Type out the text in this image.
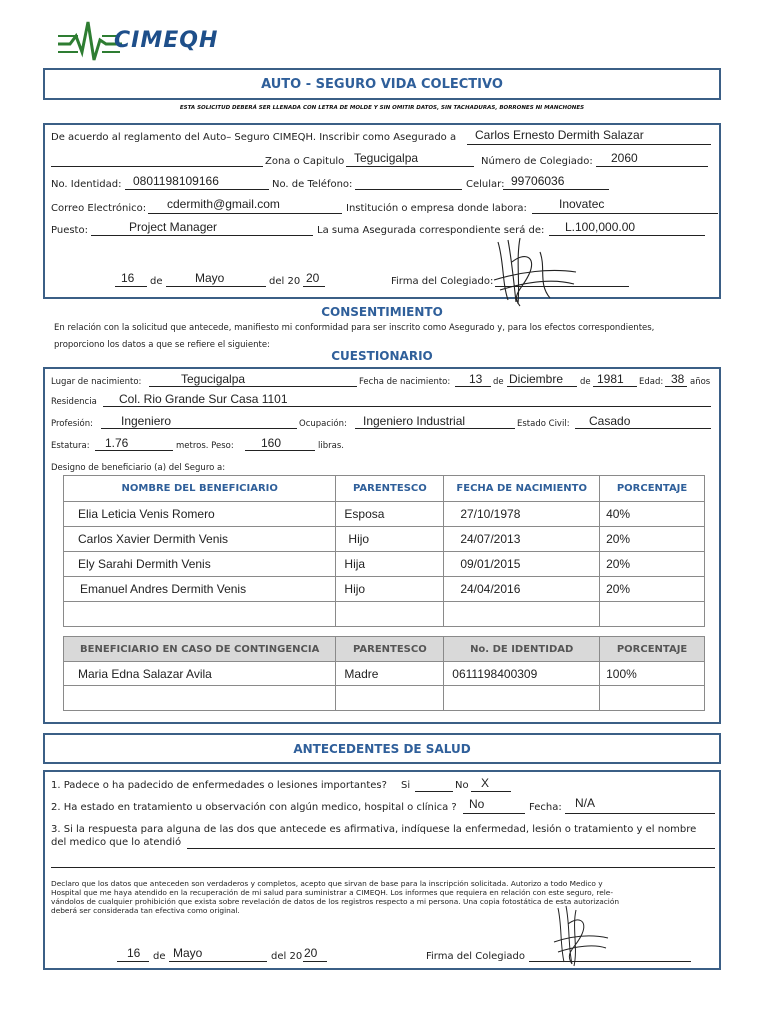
CIMEQH
AUTO - SEGURO VIDA COLECTIVO
ESTA SOLICITUD DEBERÁ SER LLENADA CON LETRA DE MOLDE Y SIN OMITIR DATOS, SIN TACHADURAS, BORRONES NI MANCHONES
De acuerdo al reglamento del Auto– Seguro CIMEQH. Inscribir como Asegurado a Carlos Ernesto Dermith Salazar
Zona o Capitulo Tegucigalpa	Número de Colegiado: 2060
No. Identidad: 0801198109166	No. de Teléfono:	Celular: 99706036
Correo Electrónico: cdermith@gmail.com	Institución o empresa donde labora:	Inovatec
Puesto:	Project Manager	La suma Asegurada correspondiente será de: L.100,000.00
16 de	Mayo	del 20 20	Firma del Colegiado:
CONSENTIMIENTO
En relación con la solicitud que antecede, manifiesto mi conformidad para ser inscrito como Asegurado y, para los efectos correspondientes,
proporciono los datos a que se refiere el siguiente:
CUESTIONARIO
Lugar de nacimiento:	Tegucigalpa	Fecha de nacimiento: 13 de Diciembre de 1981 Edad: 38 años
Residencia Col. Rio Grande Sur Casa 1101
Profesión: Ingeniero	Ocupación: Ingeniero Industrial	Estado Civil: Casado
Estatura: 1.76	metros. Peso: 160	libras.
Designo de beneficiario (a) del Seguro a:
NOMBRE DEL BENEFICIARIO	PARENTESCO	FECHA DE NACIMIENTO	PORCENTAJE
Elia Leticia Venis Romero	Esposa	27/10/1978	40%
Carlos Xavier Dermith Venis	Hijo	24/07/2013	20%
Ely Sarahi Dermith Venis	Hija	09/01/2015	20%
Emanuel Andres Dermith Venis	Hijo	24/04/2016	20%

BENEFICIARIO EN CASO DE CONTINGENCIA	PARENTESCO	No. DE IDENTIDAD	PORCENTAJE
Maria Edna Salazar Avila	Madre	0611198400309	100%

ANTECEDENTES DE SALUD
1. Padece o ha padecido de enfermedades o lesiones importantes? Si	No X
2. Ha estado en tratamiento u observación con algún medico, hospital o clínica ? No	Fecha: N/A
3. Si la respuesta para alguna de las dos que antecede es afirmativa, indíquese la enfermedad, lesión o tratamiento y el nombre
del medico que lo atendió
Declaro que los datos que anteceden son verdaderos y completos, acepto que sirvan de base para la inscripción solicitada. Autorizo a todo Medico y
Hospital que me haya atendido en la recuperación de mi salud para suministrar a CIMEQH. Los informes que requiera en relación con este seguro, rele-
vándolos de cualquier prohibición que exista sobre revelación de datos de los registros respecto a mi persona. Una copia fotostática de esta autorización
deberá ser considerada tan efectiva como original.
16 de Mayo	del 20 20	Firma del Colegiado
